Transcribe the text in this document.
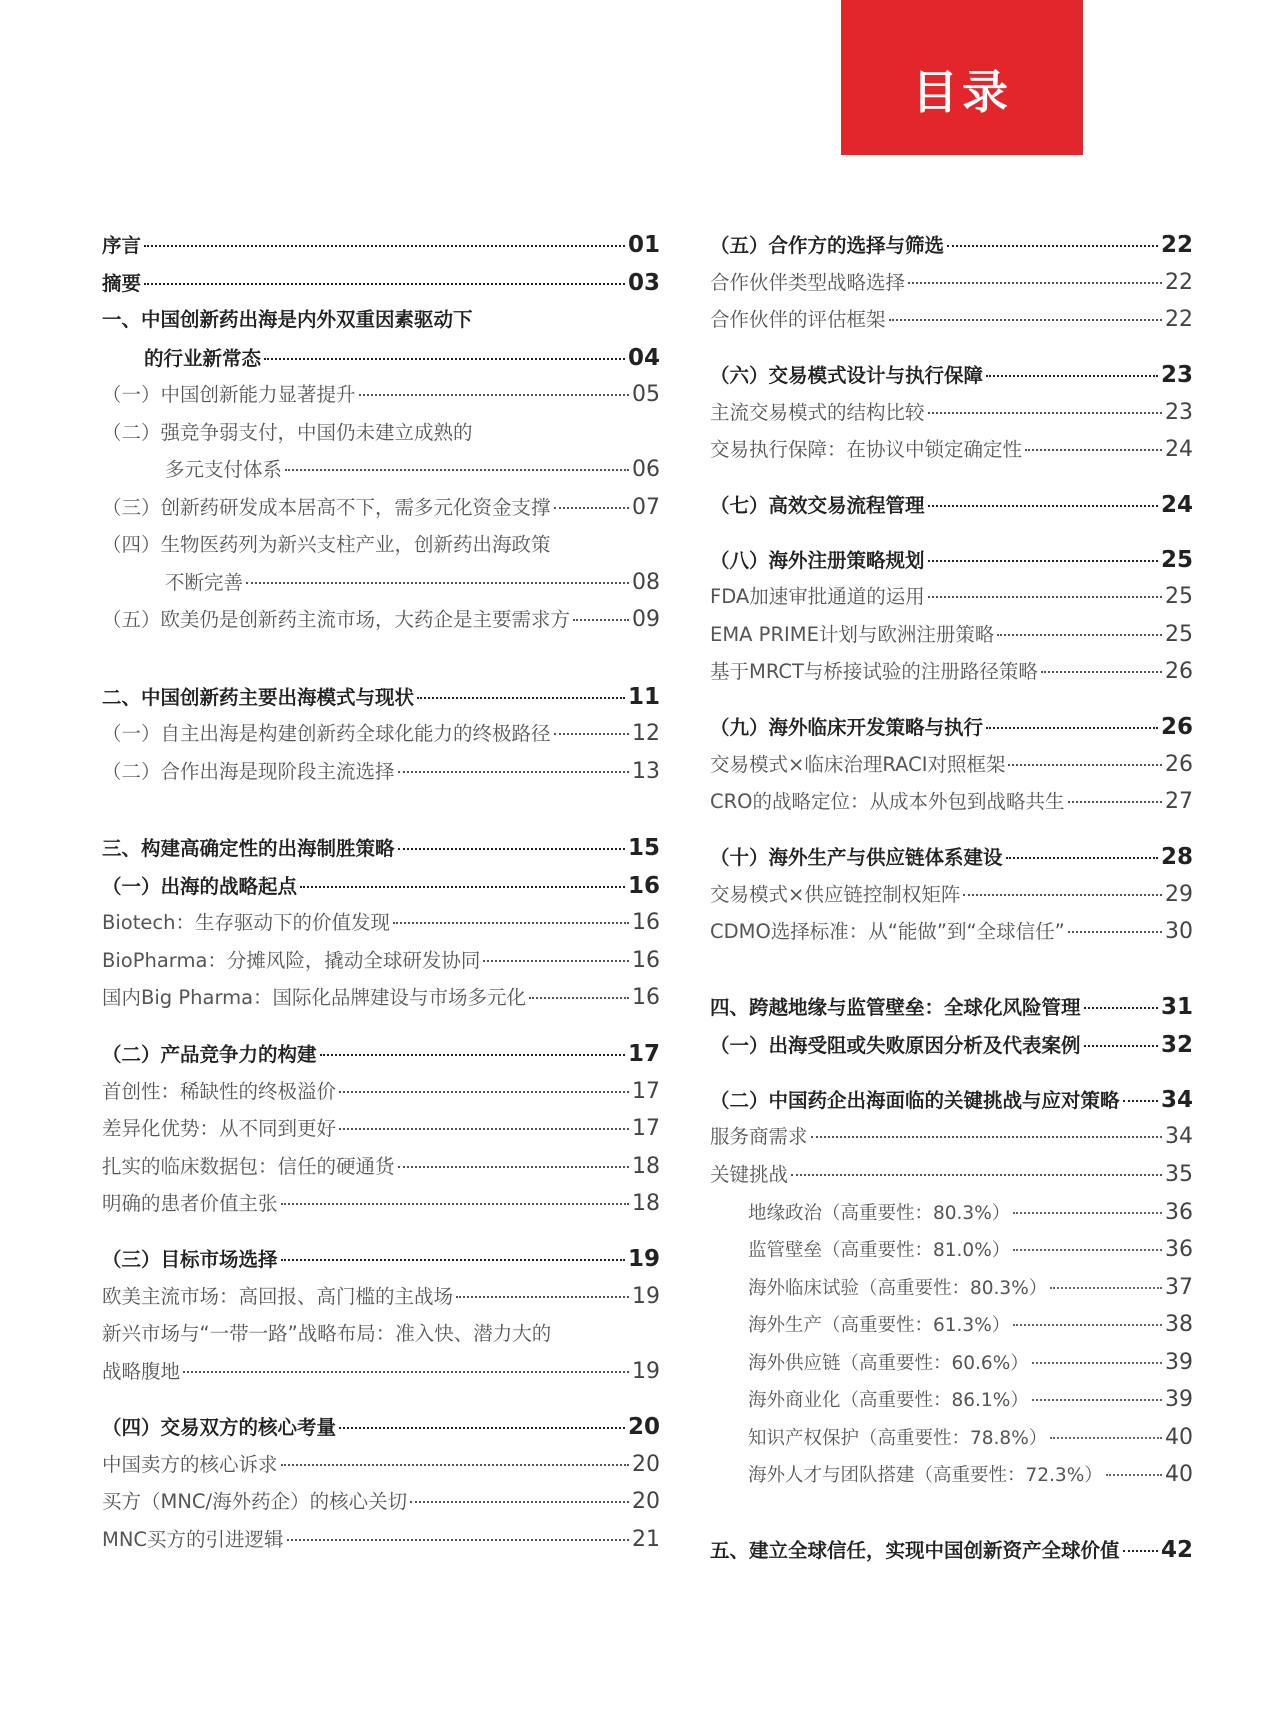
目录
序言	01
摘要	03
一、中国创新药出海是内外双重因素驱动下
的行业新常态	04
（一）中国创新能力显著提升	05
（二）强竞争弱支付，中国仍未建立成熟的
多元支付体系	06
（三）创新药研发成本居高不下，需多元化资金支撑	07
（四）生物医药列为新兴支柱产业，创新药出海政策
不断完善	08
（五）欧美仍是创新药主流市场，大药企是主要需求方	09
二、中国创新药主要出海模式与现状	11
（一）自主出海是构建创新药全球化能力的终极路径	12
（二）合作出海是现阶段主流选择	13
三、构建高确定性的出海制胜策略	15
（一）出海的战略起点	16
Biotech：生存驱动下的价值发现	16
BioPharma：分摊风险，撬动全球研发协同	16
国内Big Pharma：国际化品牌建设与市场多元化	16
（二）产品竞争力的构建	17
首创性：稀缺性的终极溢价	17
差异化优势：从不同到更好	17
扎实的临床数据包：信任的硬通货	18
明确的患者价值主张	18
（三）目标市场选择	19
欧美主流市场：高回报、高门槛的主战场	19
新兴市场与“一带一路”战略布局：准入快、潜力大的
战略腹地	19
（四）交易双方的核心考量	20
中国卖方的核心诉求	20
买方（MNC/海外药企）的核心关切	20
MNC买方的引进逻辑	21
（五）合作方的选择与筛选	22
合作伙伴类型战略选择	22
合作伙伴的评估框架	22
（六）交易模式设计与执行保障	23
主流交易模式的结构比较	23
交易执行保障：在协议中锁定确定性	24
（七）高效交易流程管理	24
（八）海外注册策略规划	25
FDA加速审批通道的运用	25
EMA PRIME计划与欧洲注册策略	25
基于MRCT与桥接试验的注册路径策略	26
（九）海外临床开发策略与执行	26
交易模式×临床治理RACI对照框架	26
CRO的战略定位：从成本外包到战略共生	27
（十）海外生产与供应链体系建设	28
交易模式×供应链控制权矩阵	29
CDMO选择标准：从“能做”到“全球信任”	30
四、跨越地缘与监管壁垒：全球化风险管理	31
（一）出海受阻或失败原因分析及代表案例	32
（二）中国药企出海面临的关键挑战与应对策略 34
服务商需求	34
关键挑战	35
地缘政治（高重要性：80.3%）	36
监管壁垒（高重要性：81.0%）	36
海外临床试验（高重要性：80.3%）	37
海外生产（高重要性：61.3%）	38
海外供应链（高重要性：60.6%）	39
海外商业化（高重要性：86.1%）	39
知识产权保护（高重要性：78.8%）	40
海外人才与团队搭建（高重要性：72.3%）	40
五、建立全球信任，实现中国创新资产全球价值 42
